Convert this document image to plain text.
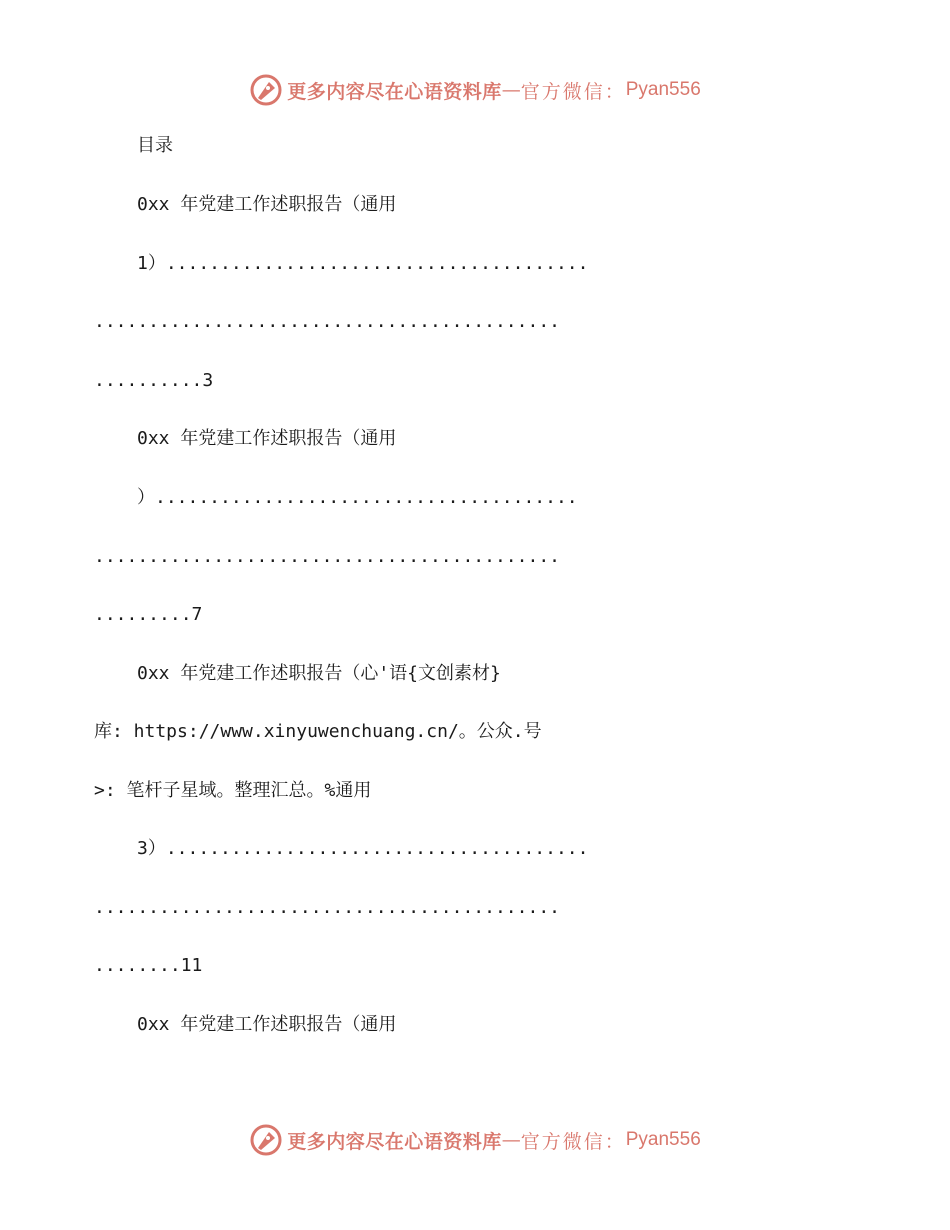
更多内容尽在心语资料库 — 官方微信： Pyan556
目录
0xx 年党建工作述职报告（通用
1）.......................................
...........................................
..........3
0xx 年党建工作述职报告（通用
）.......................................
...........................................
.........7
0xx 年党建工作述职报告（心'语{文创素材}
库: https://www.xinyuwenchuang.cn/。公众.号
>: 笔杆子星域。整理汇总。%通用
3）.......................................
...........................................
........11
0xx 年党建工作述职报告（通用
更多内容尽在心语资料库 — 官方微信： Pyan556
